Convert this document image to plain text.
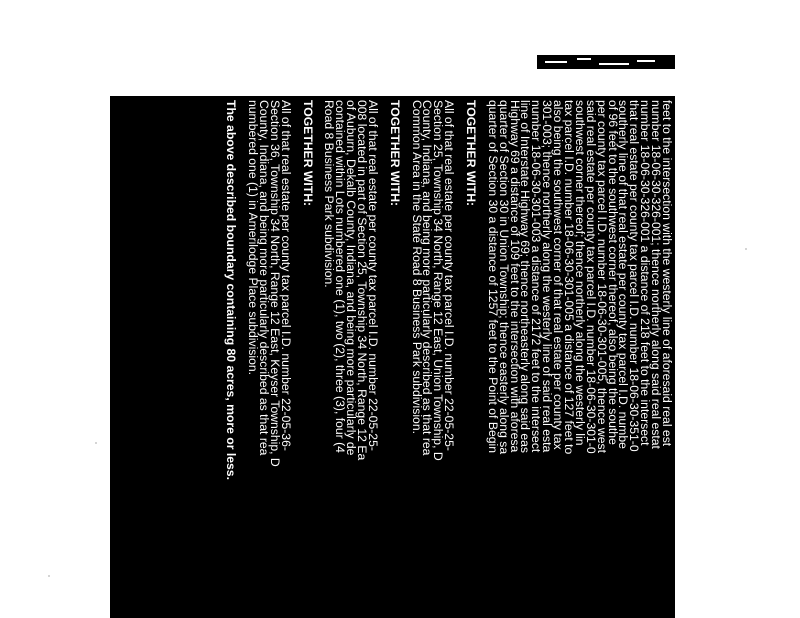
feet to the intersection with the westerly line of aforesaid real est
number 18-06-30-326-001; thence northerly along said real estat
number 18-06-30-326-001 a distance of 218 feet to the intersect
that real estate per county tax parcel I.D. number 18-06-30-351-0
southerly line of that real estate per county tax parcel I.D. numbe
of 96 feet to the southwest corner thereof, also being the southe
per county tax parcel I.D. number 18-06-30-301-005, thence west
said real estate per county tax parcel I.D. number 18-06-30-301-0
southwest corner thereof; thence northerly along the westerly lin
tax parcel I.D. number 18-06-30-301-005 a distance of 127 feet to
also being the southwest corner of that real estate per county tax
301-003; thence northerly along the westerly line of said real esta
number 18-06-30-301-003 a distance of 2172 feet to the intersect
line of Interstate Highway 69; thence northeasterly along said eas
Highway 69 a distance of 109 feet to the intersection with aforesa
quarter of Section 30 in Union Township; thence easterly along sa
quarter of Section 30 a distance of 1257 feet to the Point of Begin
TOGETHER WITH:
All of that real estate per county tax parcel I.D. number 22-05-25-
Section 25, Township 34 North, Range 12 East, Union Township, D
County, Indiana, and being more particularly described as that rea
Common Area in the State Road 8 Business Park subdivision.
TOGETHER WITH:
All of that real estate per county tax parcel I.D. number 22-05-25-
008 located in part of Section 25, Township 34 North, Range 12 Ea
of Auburn, Dekalb County, Indiana, and being more particularly de
contained within Lots numbered one (1), two (2), three (3), four (4
Road 8 Business Park subdivision.
TOGETHER WITH:
All of that real estate per county tax parcel I.D. number 22-05-36-
Section 36, Township 34 North, Range 12 East, Keyser Township, D
County, Indiana, and being more particularly described as that rea
numbered one (1) in Amerilodge Place subdivision.
The above described boundary containing 80 acres, more or less.
